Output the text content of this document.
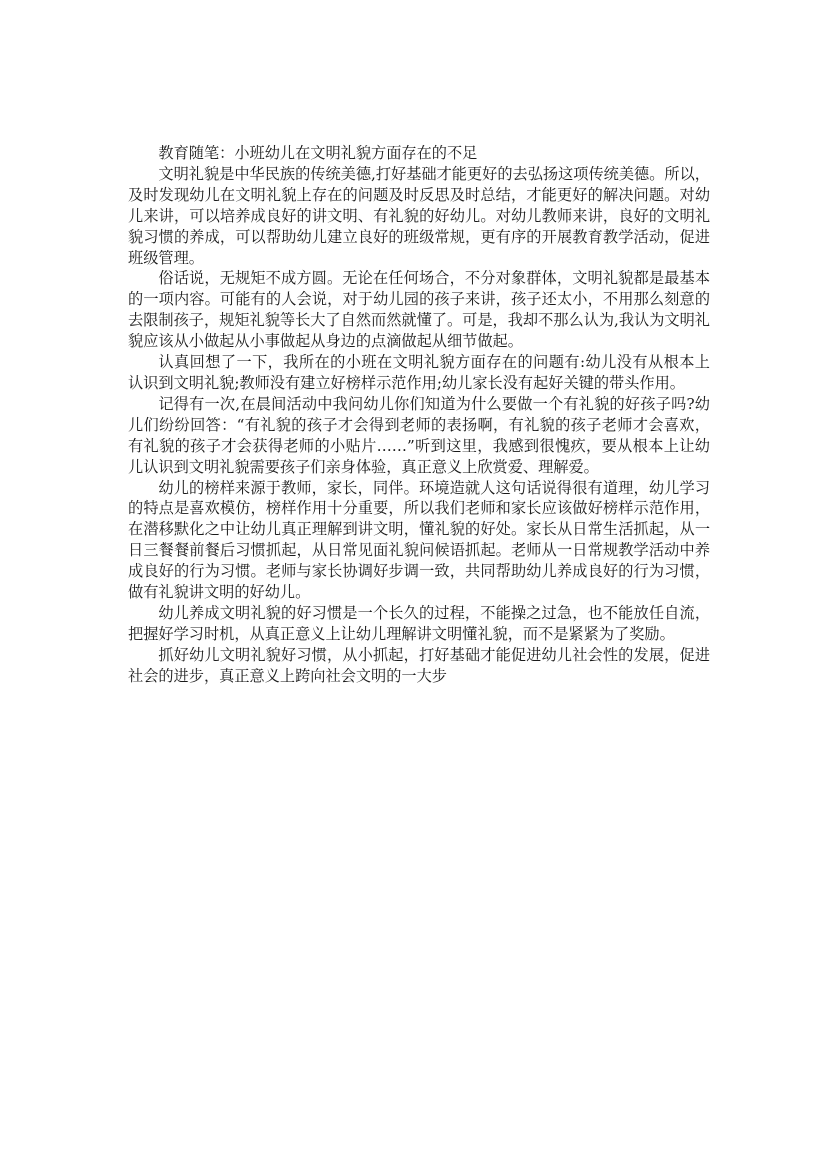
教育随笔：小班幼儿在文明礼貌方面存在的不足

文明礼貌是中华民族的传统美德,打好基础才能更好的去弘扬这项传统美德。所以，及时发现幼儿在文明礼貌上存在的问题及时反思及时总结，才能更好的解决问题。对幼儿来讲，可以培养成良好的讲文明、有礼貌的好幼儿。对幼儿教师来讲，良好的文明礼貌习惯的养成，可以帮助幼儿建立良好的班级常规，更有序的开展教育教学活动，促进班级管理。

俗话说，无规矩不成方圆。无论在任何场合，不分对象群体，文明礼貌都是最基本的一项内容。可能有的人会说，对于幼儿园的孩子来讲，孩子还太小，不用那么刻意的去限制孩子，规矩礼貌等长大了自然而然就懂了。可是，我却不那么认为,我认为文明礼貌应该从小做起从小事做起从身边的点滴做起从细节做起。

认真回想了一下，我所在的小班在文明礼貌方面存在的问题有:幼儿没有从根本上认识到文明礼貌;教师没有建立好榜样示范作用;幼儿家长没有起好关键的带头作用。

记得有一次,在晨间活动中我问幼儿你们知道为什么要做一个有礼貌的好孩子吗?幼儿们纷纷回答：“有礼貌的孩子才会得到老师的表扬啊，有礼貌的孩子老师才会喜欢，有礼貌的孩子才会获得老师的小贴片……”听到这里，我感到很愧疚，要从根本上让幼儿认识到文明礼貌需要孩子们亲身体验，真正意义上欣赏爱、理解爱。

幼儿的榜样来源于教师，家长，同伴。环境造就人这句话说得很有道理，幼儿学习的特点是喜欢模仿，榜样作用十分重要，所以我们老师和家长应该做好榜样示范作用，在潜移默化之中让幼儿真正理解到讲文明，懂礼貌的好处。家长从日常生活抓起，从一日三餐餐前餐后习惯抓起，从日常见面礼貌问候语抓起。老师从一日常规教学活动中养成良好的行为习惯。老师与家长协调好步调一致，共同帮助幼儿养成良好的行为习惯，做有礼貌讲文明的好幼儿。

幼儿养成文明礼貌的好习惯是一个长久的过程，不能操之过急，也不能放任自流，把握好学习时机，从真正意义上让幼儿理解讲文明懂礼貌，而不是紧紧为了奖励。

抓好幼儿文明礼貌好习惯，从小抓起，打好基础才能促进幼儿社会性的发展，促进社会的进步，真正意义上跨向社会文明的一大步
